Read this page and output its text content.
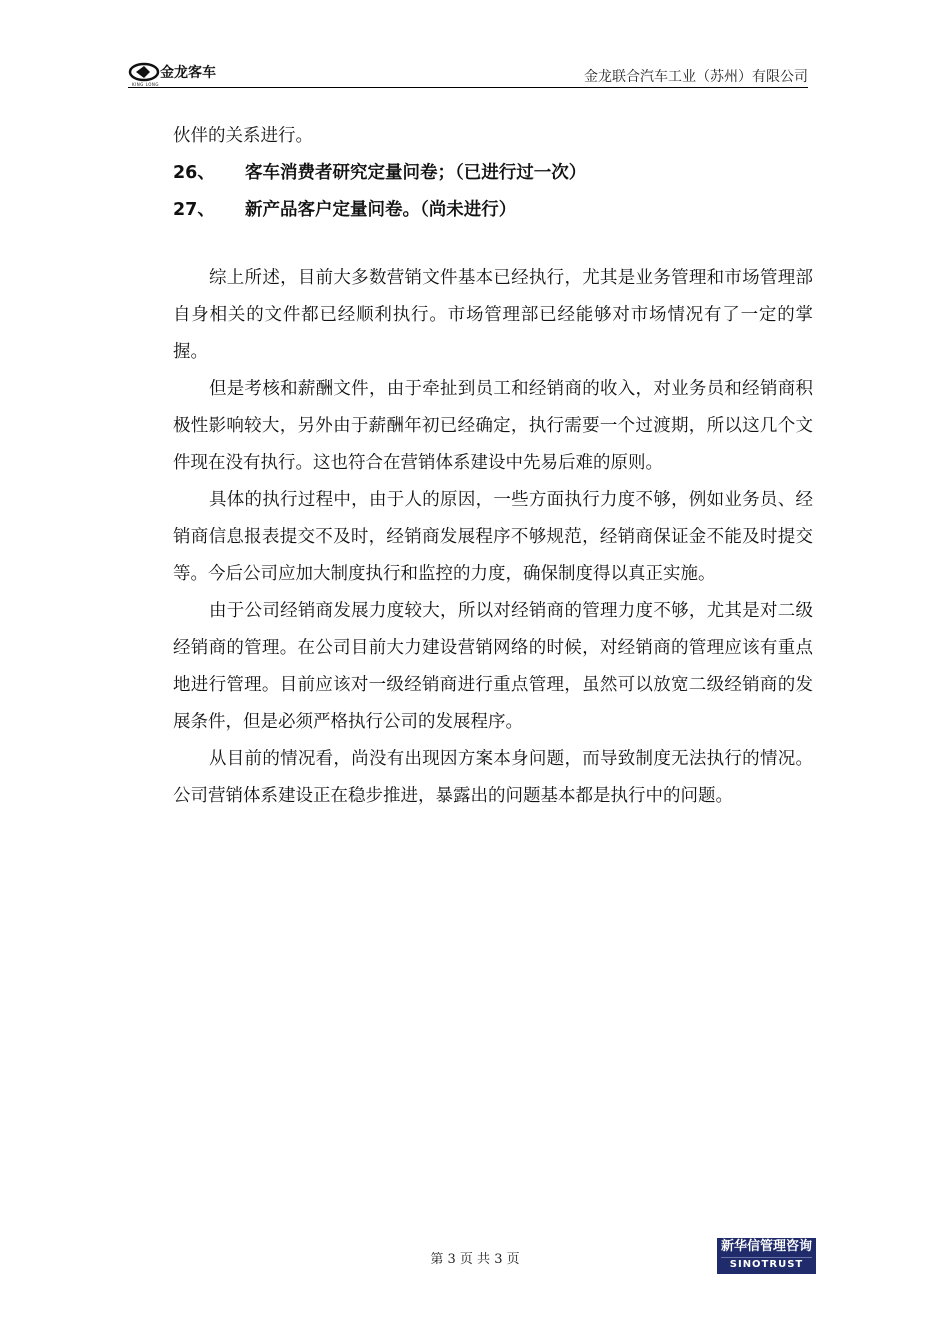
金龙客车
KING LONG	金龙联合汽车工业（苏州）有限公司

伙伴的关系进行。

26、 客车消费者研究定量问卷；（已进行过一次）

27、 新产品客户定量问卷。（尚未进行）

综上所述，目前大多数营销文件基本已经执行，尤其是业务管理和市场管理部自身相关的文件都已经顺利执行。市场管理部已经能够对市场情况有了一定的掌握。

但是考核和薪酬文件，由于牵扯到员工和经销商的收入，对业务员和经销商积极性影响较大，另外由于薪酬年初已经确定，执行需要一个过渡期，所以这几个文件现在没有执行。这也符合在营销体系建设中先易后难的原则。

具体的执行过程中，由于人的原因，一些方面执行力度不够，例如业务员、经销商信息报表提交不及时，经销商发展程序不够规范，经销商保证金不能及时提交等。今后公司应加大制度执行和监控的力度，确保制度得以真正实施。

由于公司经销商发展力度较大，所以对经销商的管理力度不够，尤其是对二级经销商的管理。在公司目前大力建设营销网络的时候，对经销商的管理应该有重点地进行管理。目前应该对一级经销商进行重点管理，虽然可以放宽二级经销商的发展条件，但是必须严格执行公司的发展程序。

从目前的情况看，尚没有出现因方案本身问题，而导致制度无法执行的情况。公司营销体系建设正在稳步推进，暴露出的问题基本都是执行中的问题。

第 3 页 共 3 页
新华信管理咨询
SINOTRUST
